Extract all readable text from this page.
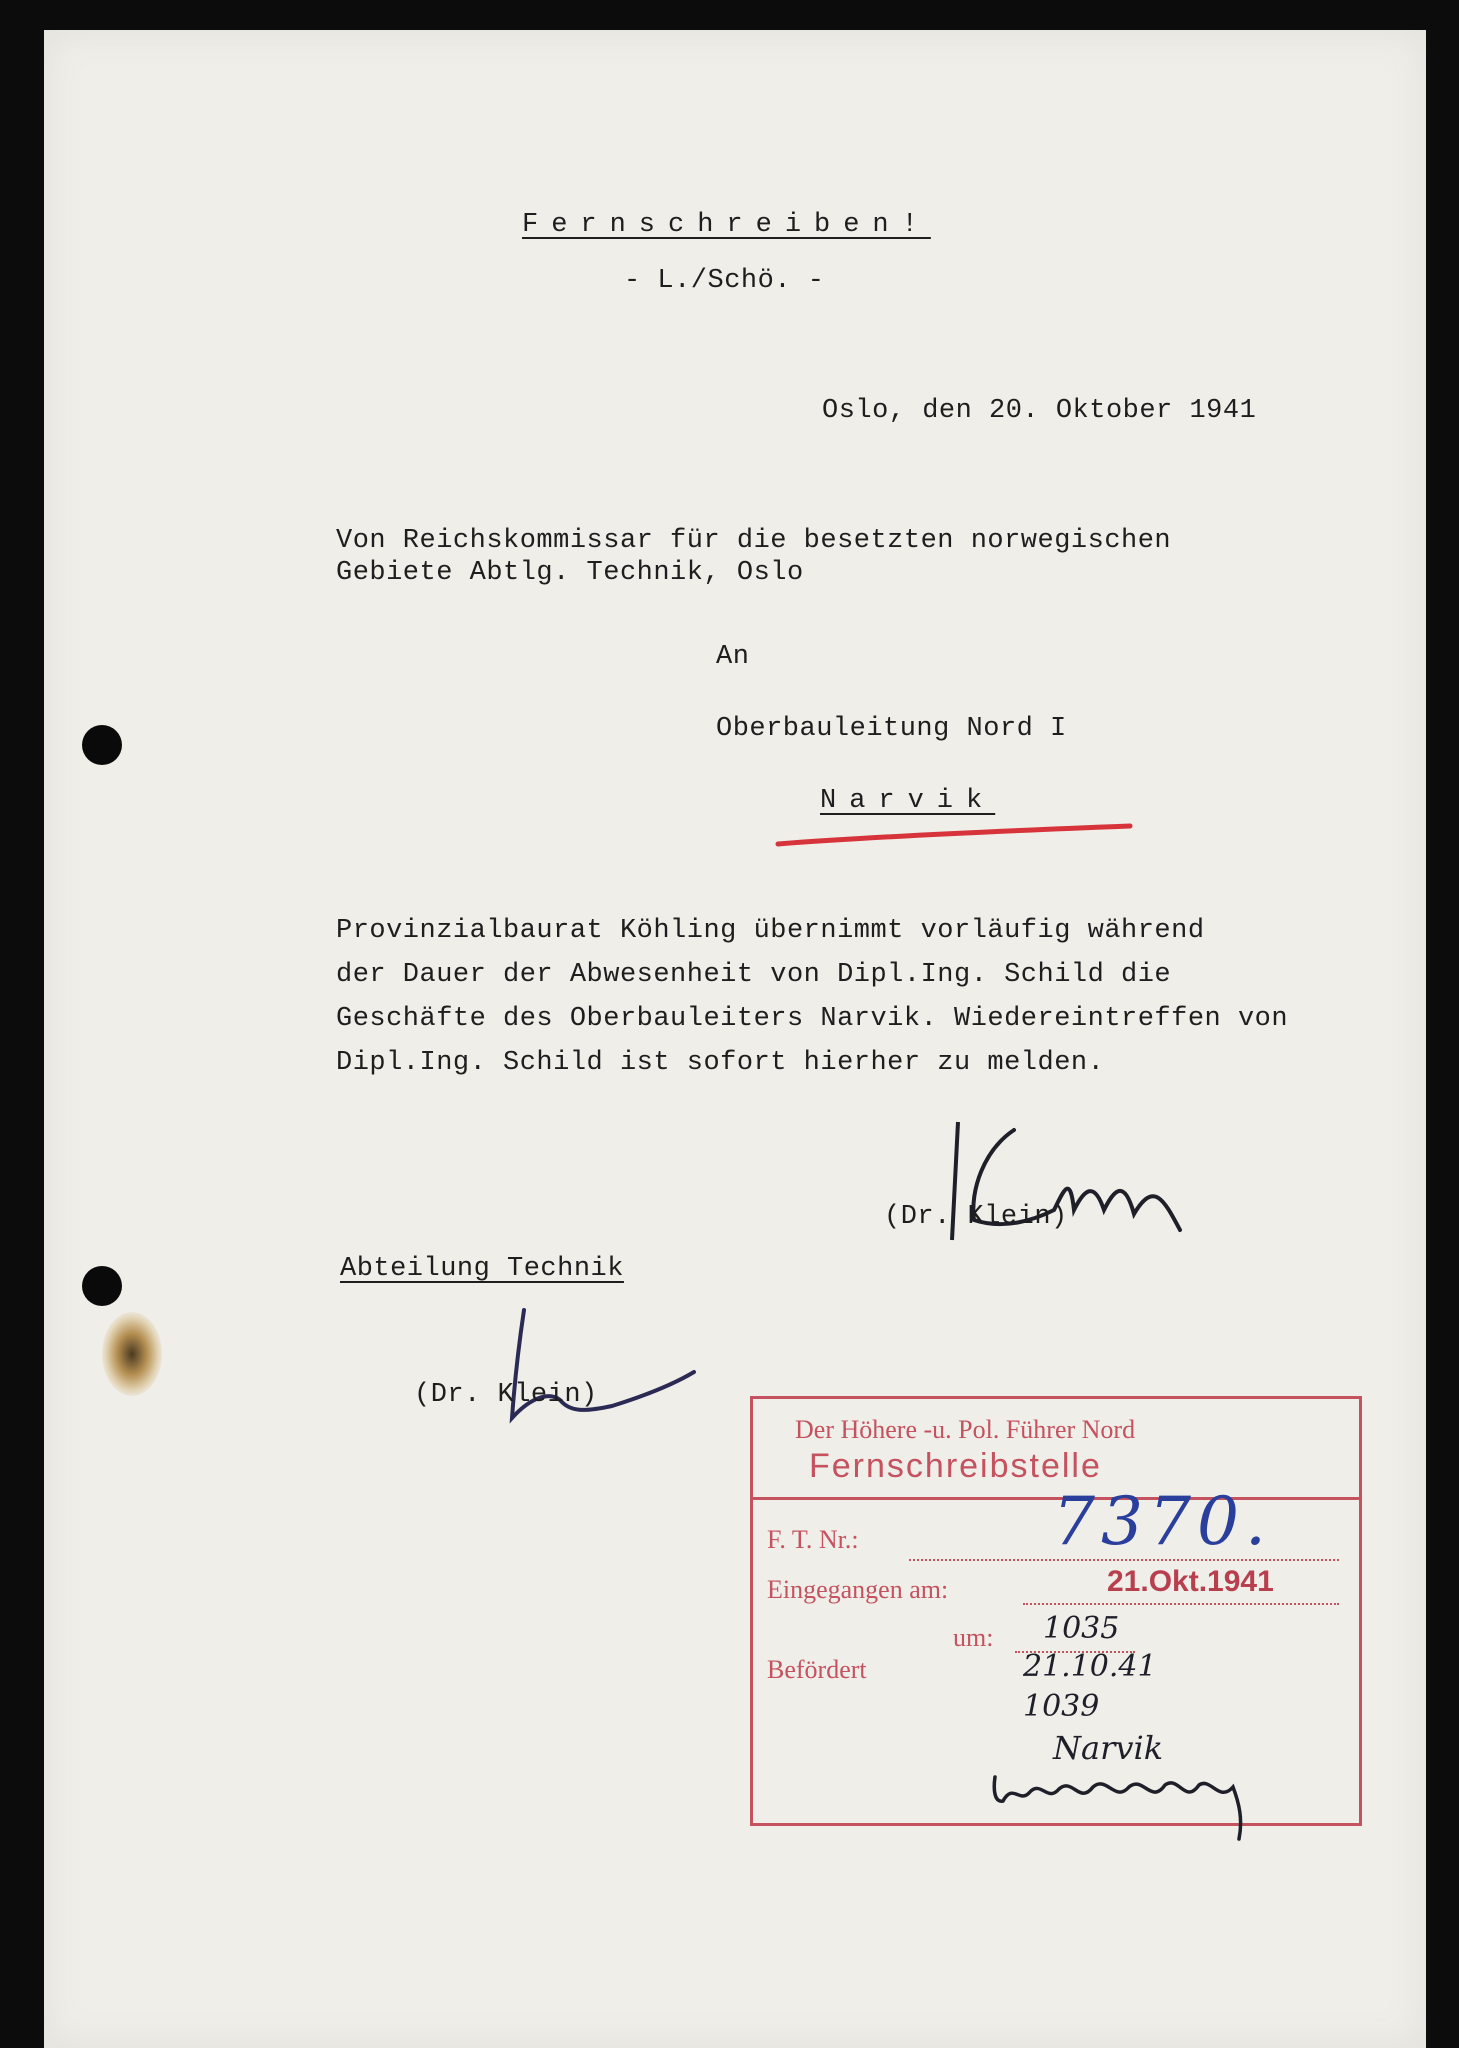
Fernschreiben!
- L./Schö. -
Oslo, den 20. Oktober 1941
Von Reichskommissar für die besetzten norwegischen
Gebiete Abtlg. Technik, Oslo
An
Oberbauleitung Nord I
Narvik
Provinzialbaurat Köhling übernimmt vorläufig während
der Dauer der Abwesenheit von Dipl.Ing. Schild die
Geschäfte des Oberbauleiters Narvik. Wiedereintreffen von
Dipl.Ing. Schild ist sofort hierher zu melden.
(Dr. Klein)
Abteilung Technik
(Dr. Klein)
Der Höhere -u. Pol. Führer Nord
Fernschreibstelle
F. T. Nr.:	7370.
Eingegangen am:	21.Okt.1941
um: 1035
Befördert	21.10.41
1039
Narvik
